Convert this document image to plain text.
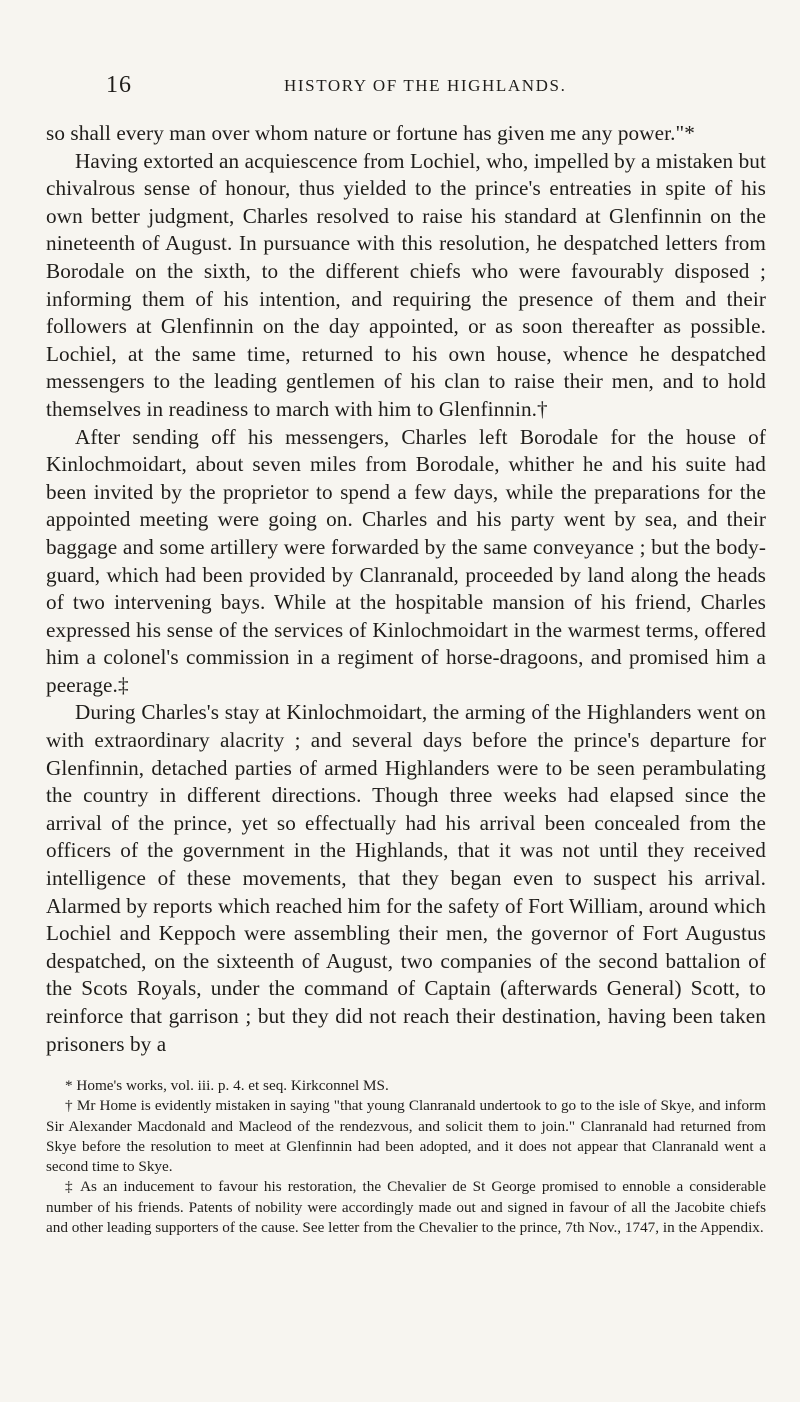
16	HISTORY OF THE HIGHLANDS.

so shall every man over whom nature or fortune has given me any power."*

Having extorted an acquiescence from Lochiel, who, impelled by a mistaken but chivalrous sense of honour, thus yielded to the prince's entreaties in spite of his own better judgment, Charles resolved to raise his standard at Glenfinnin on the nineteenth of August. In pursuance with this resolution, he despatched letters from Borodale on the sixth, to the different chiefs who were favourably disposed ; informing them of his intention, and requiring the presence of them and their followers at Glenfinnin on the day appointed, or as soon thereafter as possible. Lochiel, at the same time, returned to his own house, whence he despatched messengers to the leading gentlemen of his clan to raise their men, and to hold themselves in readiness to march with him to Glenfinnin.†

After sending off his messengers, Charles left Borodale for the house of Kinlochmoidart, about seven miles from Borodale, whither he and his suite had been invited by the proprietor to spend a few days, while the preparations for the appointed meeting were going on. Charles and his party went by sea, and their baggage and some artillery were forwarded by the same conveyance ; but the body-guard, which had been provided by Clanranald, proceeded by land along the heads of two intervening bays. While at the hospitable mansion of his friend, Charles expressed his sense of the services of Kinlochmoidart in the warmest terms, offered him a colonel's commission in a regiment of horse-dragoons, and promised him a peerage.‡

During Charles's stay at Kinlochmoidart, the arming of the Highlanders went on with extraordinary alacrity ; and several days before the prince's departure for Glenfinnin, detached parties of armed Highlanders were to be seen perambulating the country in different directions. Though three weeks had elapsed since the arrival of the prince, yet so effectually had his arrival been concealed from the officers of the government in the Highlands, that it was not until they received intelligence of these movements, that they began even to suspect his arrival. Alarmed by reports which reached him for the safety of Fort William, around which Lochiel and Keppoch were assembling their men, the governor of Fort Augustus despatched, on the sixteenth of August, two companies of the second battalion of the Scots Royals, under the command of Captain (afterwards General) Scott, to reinforce that garrison ; but they did not reach their destination, having been taken prisoners by a

* Home's works, vol. iii. p. 4. et seq. Kirkconnel MS.

† Mr Home is evidently mistaken in saying "that young Clanranald undertook to go to the isle of Skye, and inform Sir Alexander Macdonald and Macleod of the rendezvous, and solicit them to join." Clanranald had returned from Skye before the resolution to meet at Glenfinnin had been adopted, and it does not appear that Clanranald went a second time to Skye.

‡ As an inducement to favour his restoration, the Chevalier de St George promised to ennoble a considerable number of his friends. Patents of nobility were accordingly made out and signed in favour of all the Jacobite chiefs and other leading supporters of the cause. See letter from the Chevalier to the prince, 7th Nov., 1747, in the Appendix.
